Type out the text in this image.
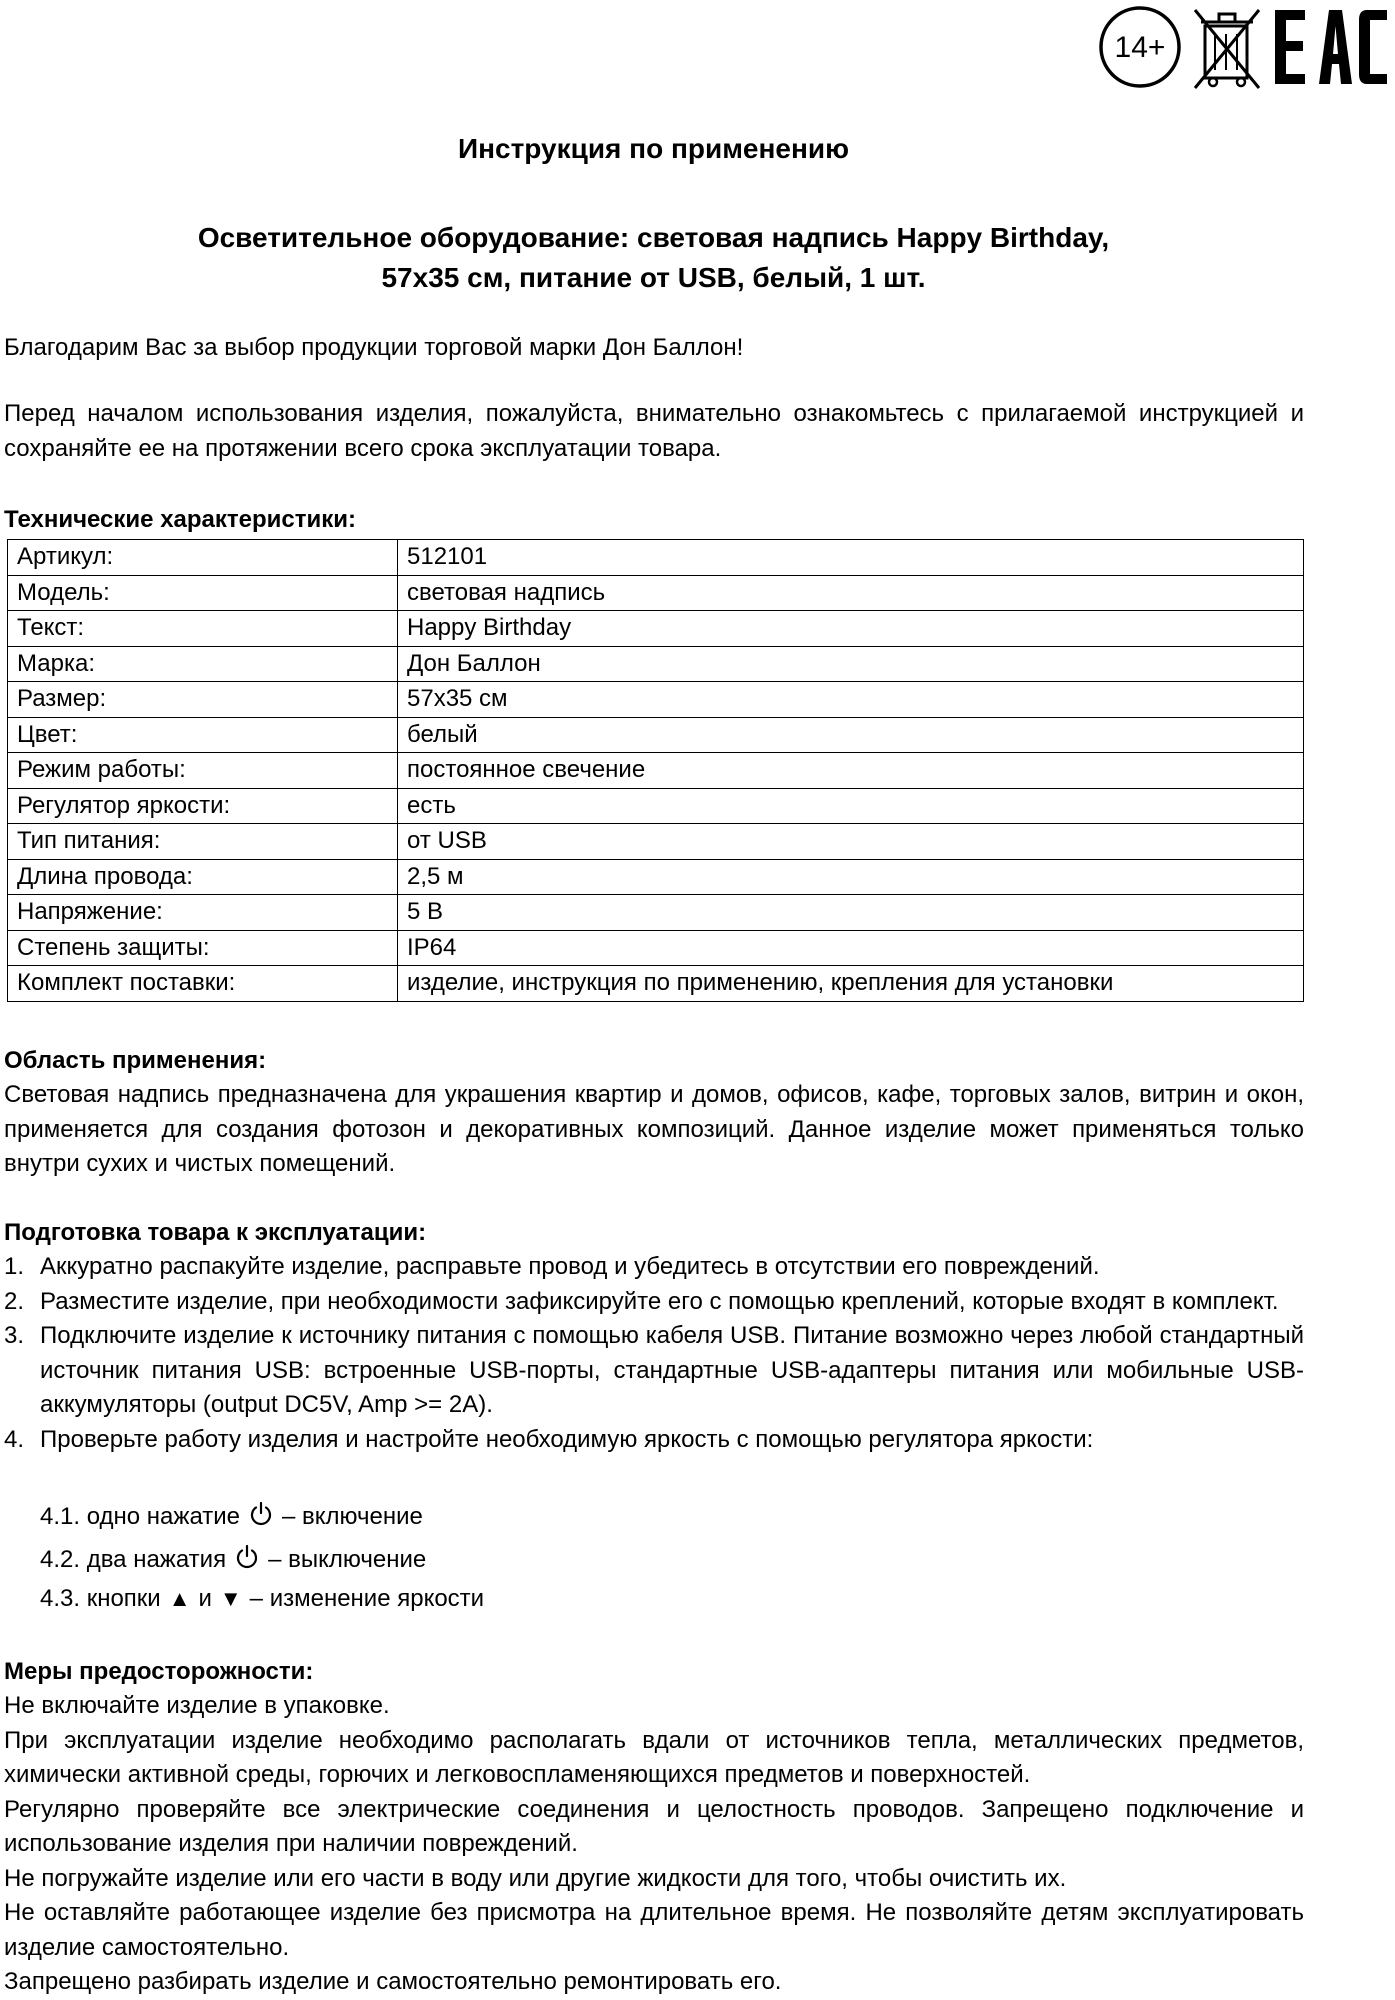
14+
Инструкция по применению
Осветительное оборудование: световая надпись Happy Birthday,
57x35 см, питание от USB, белый, 1 шт.
Благодарим Вас за выбор продукции торговой марки Дон Баллон!
Перед началом использования изделия, пожалуйста, внимательно ознакомьтесь с прилагаемой инструкцией и сохраняйте ее на протяжении всего срока эксплуатации товара.
Технические характеристики:
Артикул:	512101
Модель:	световая надпись
Текст:	Happy Birthday
Марка:	Дон Баллон
Размер:	57x35 см
Цвет:	белый
Режим работы:	постоянное свечение
Регулятор яркости:	есть
Тип питания:	от USB
Длина провода:	2,5 м
Напряжение:	5 В
Степень защиты:	IP64
Комплект поставки:	изделие, инструкция по применению, крепления для установки
Область применения:
Световая надпись предназначена для украшения квартир и домов, офисов, кафе, торговых залов, витрин и окон, применяется для создания фотозон и декоративных композиций. Данное изделие может применяться только внутри сухих и чистых помещений.
Подготовка товара к эксплуатации:
1. Аккуратно распакуйте изделие, расправьте провод и убедитесь в отсутствии его повреждений.
2. Разместите изделие, при необходимости зафиксируйте его с помощью креплений, которые входят в комплект.
3. Подключите изделие к источнику питания с помощью кабеля USB. Питание возможно через любой стандартный источник питания USB: встроенные USB-порты, стандартные USB-адаптеры питания или мобильные USB-аккумуляторы (output DC5V, Amp >= 2A).
4. Проверьте работу изделия и настройте необходимую яркость с помощью регулятора яркости:
4.1. одно нажатие – включение
4.2. два нажатия – выключение
4.3. кнопки ▲ и ▼ – изменение яркости
Меры предосторожности:

Не включайте изделие в упаковке.

При эксплуатации изделие необходимо располагать вдали от источников тепла, металлических предметов, химически активной среды, горючих и легковоспламеняющихся предметов и поверхностей.

Регулярно проверяйте все электрические соединения и целостность проводов. Запрещено подключение и использование изделия при наличии повреждений.

Не погружайте изделие или его части в воду или другие жидкости для того, чтобы очистить их.

Не оставляйте работающее изделие без присмотра на длительное время. Не позволяйте детям эксплуатировать изделие самостоятельно.

Запрещено разбирать изделие и самостоятельно ремонтировать его.
